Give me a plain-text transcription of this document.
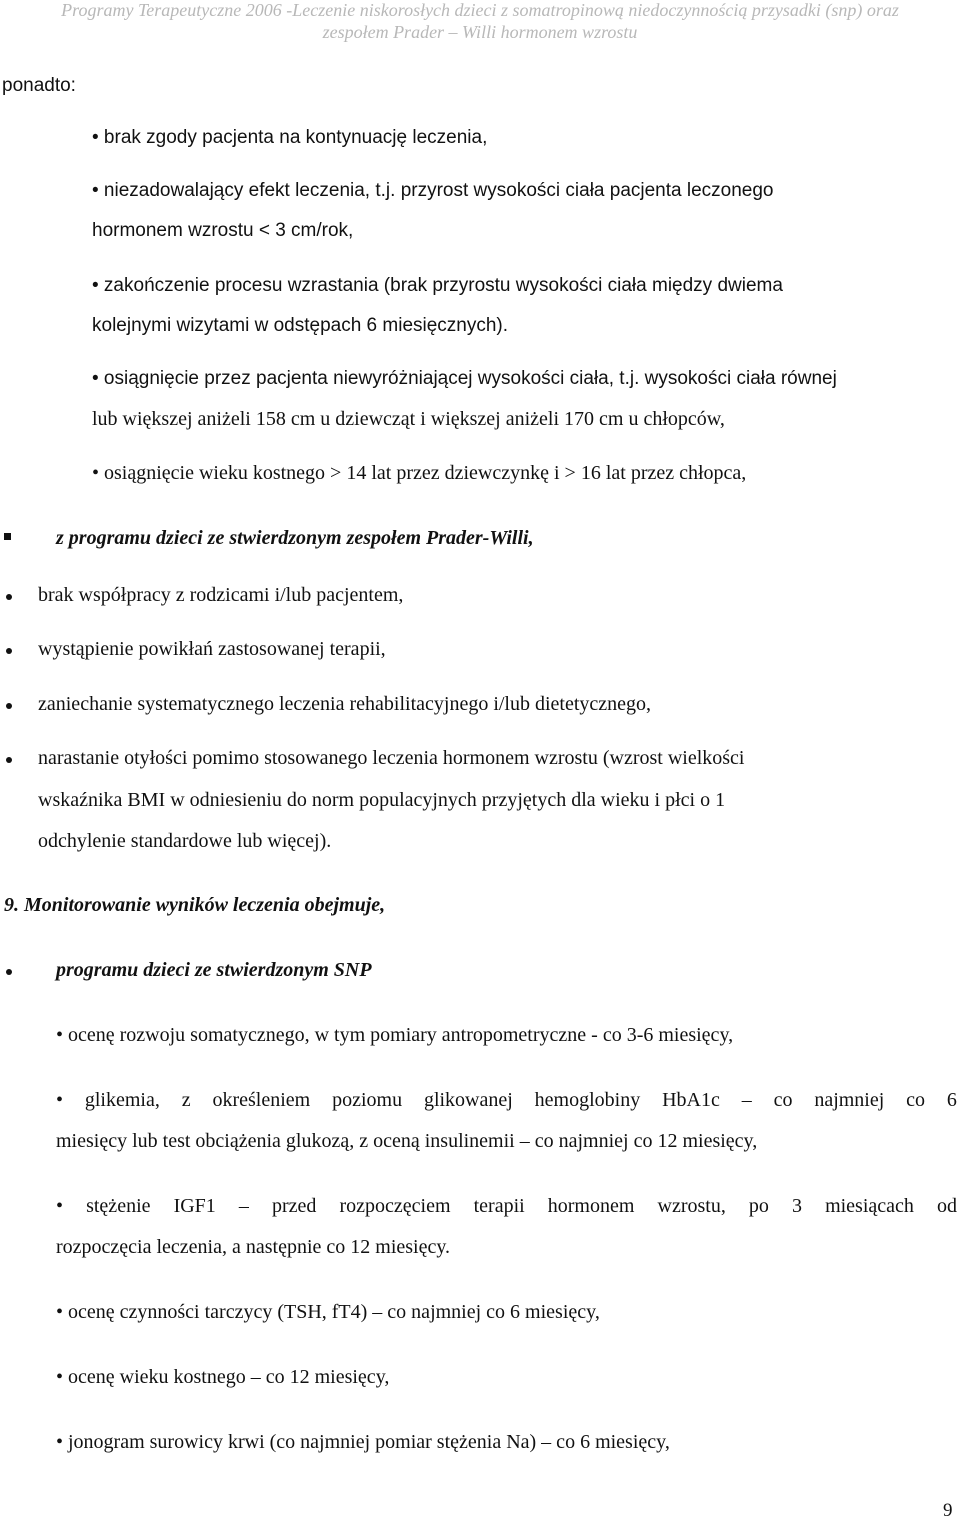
Programy Terapeutyczne 2006 -Leczenie niskorosłych dzieci z somatropinową niedoczynnością przysadki (snp) oraz
zespołem Prader – Willi hormonem wzrostu
ponadto:
• brak zgody pacjenta na kontynuację leczenia,
• niezadowalający efekt leczenia, t.j. przyrost wysokości ciała pacjenta leczonego
hormonem wzrostu < 3 cm/rok,
• zakończenie procesu wzrastania (brak przyrostu wysokości ciała między dwiema
kolejnymi wizytami w odstępach 6 miesięcznych).
• osiągnięcie przez pacjenta niewyróżniającej wysokości ciała, t.j. wysokości ciała równej
lub większej aniżeli 158 cm u dziewcząt i większej aniżeli 170 cm u chłopców,
• osiągnięcie wieku kostnego > 14 lat przez dziewczynkę i > 16 lat przez chłopca,
z programu dzieci ze stwierdzonym zespołem Prader-Willi,
brak współpracy z rodzicami i/lub pacjentem,
wystąpienie powikłań zastosowanej terapii,
zaniechanie systematycznego leczenia rehabilitacyjnego i/lub dietetycznego,
narastanie otyłości pomimo stosowanego leczenia hormonem wzrostu (wzrost wielkości
wskaźnika BMI w odniesieniu do norm populacyjnych przyjętych dla wieku i płci o 1
odchylenie standardowe lub więcej).
9. Monitorowanie wyników leczenia obejmuje,
programu dzieci ze stwierdzonym SNP
• ocenę rozwoju somatycznego, w tym pomiary antropometryczne - co 3-6 miesięcy,
• glikemia, z określeniem poziomu glikowanej hemoglobiny HbA1c – co najmniej co 6
miesięcy lub test obciążenia glukozą, z oceną insulinemii – co najmniej co 12 miesięcy,
• stężenie IGF1 – przed rozpoczęciem terapii hormonem wzrostu, po 3 miesiącach od
rozpoczęcia leczenia, a następnie co 12 miesięcy.
• ocenę czynności tarczycy (TSH, fT4) – co najmniej co 6 miesięcy,
• ocenę wieku kostnego – co 12 miesięcy,
• jonogram surowicy krwi (co najmniej pomiar stężenia Na) – co 6 miesięcy,
9
